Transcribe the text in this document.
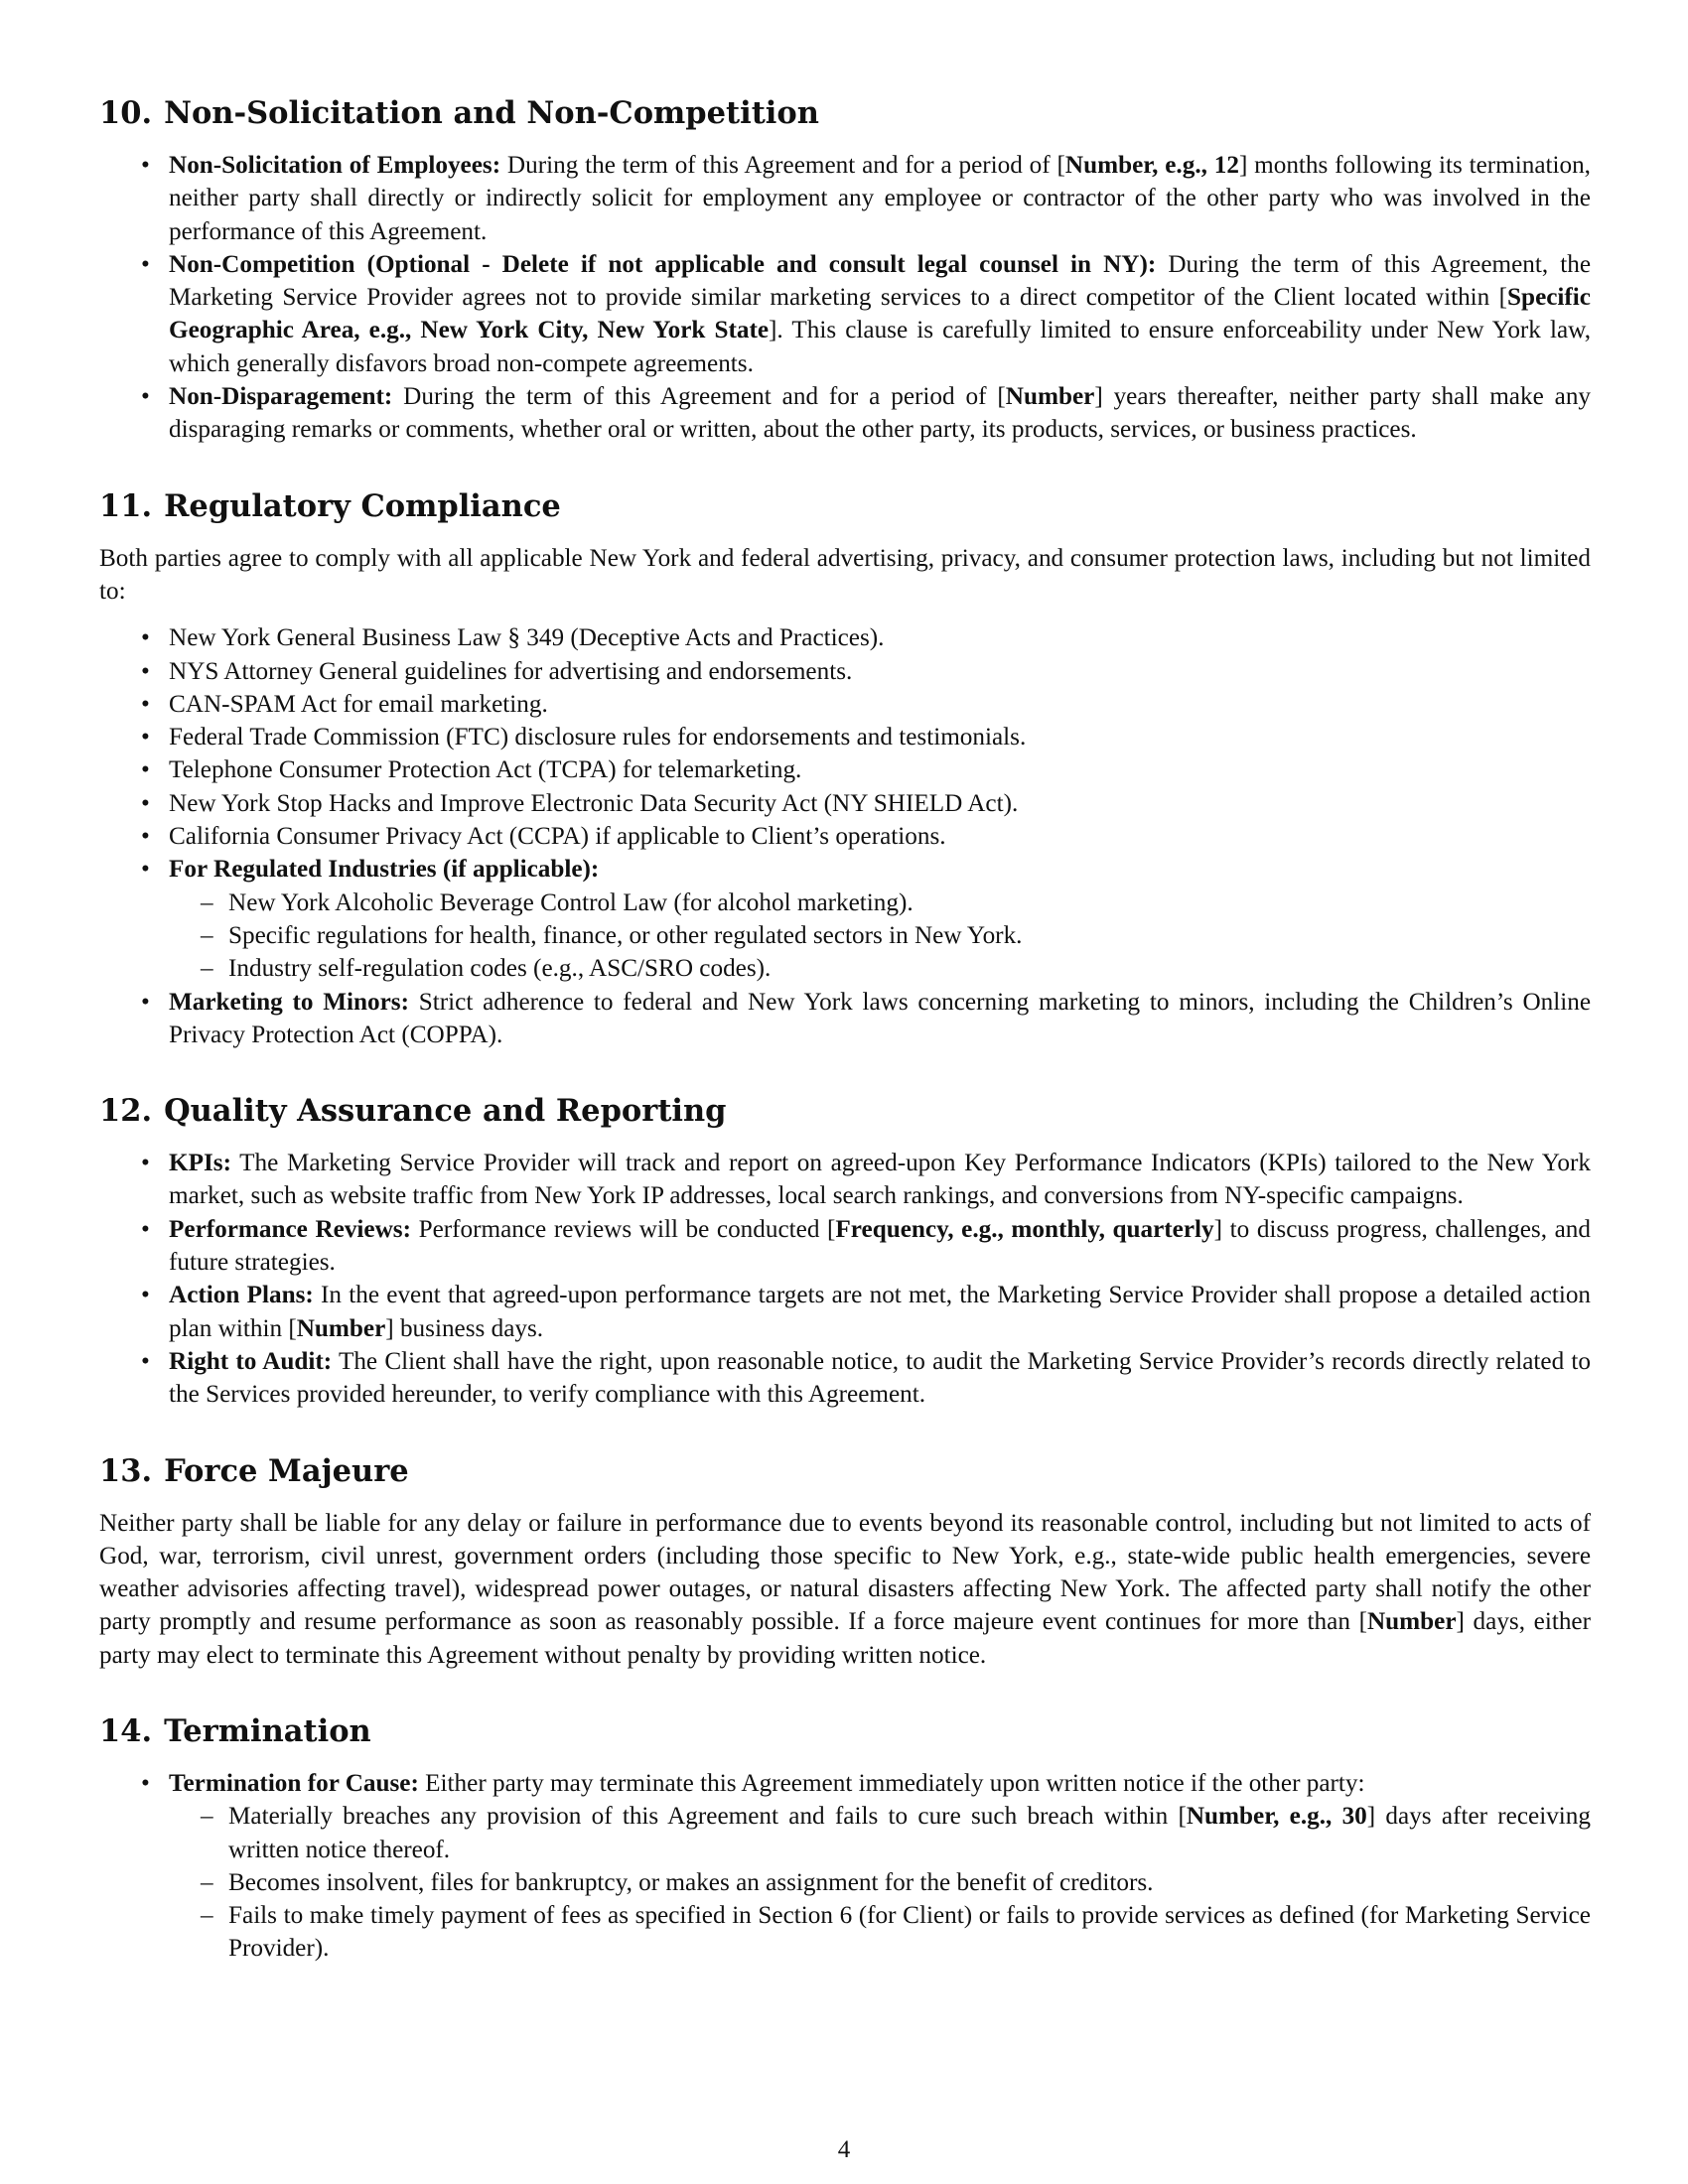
10. Non-Solicitation and Non-Competition
• Non-Solicitation of Employees: During the term of this Agreement and for a period of [Number, e.g., 12] months following its termination, neither party shall directly or indirectly solicit for employment any employee or contractor of the other party who was involved in the performance of this Agreement.
• Non-Competition (Optional - Delete if not applicable and consult legal counsel in NY): During the term of this Agreement, the Marketing Service Provider agrees not to provide similar marketing services to a direct competitor of the Client located within [Specific Geographic Area, e.g., New York City, New York State]. This clause is carefully limited to ensure enforceability under New York law, which generally disfavors broad non-compete agreements.
• Non-Disparagement: During the term of this Agreement and for a period of [Number] years thereafter, neither party shall make any disparaging remarks or comments, whether oral or written, about the other party, its products, services, or business practices.
11. Regulatory Compliance

Both parties agree to comply with all applicable New York and federal advertising, privacy, and consumer protection laws, including but not limited to:

• New York General Business Law § 349 (Deceptive Acts and Practices).
• NYS Attorney General guidelines for advertising and endorsements.
• CAN-SPAM Act for email marketing.
• Federal Trade Commission (FTC) disclosure rules for endorsements and testimonials.
• Telephone Consumer Protection Act (TCPA) for telemarketing.
• New York Stop Hacks and Improve Electronic Data Security Act (NY SHIELD Act).
• California Consumer Privacy Act (CCPA) if applicable to Client’s operations.
• For Regulated Industries (if applicable):
– New York Alcoholic Beverage Control Law (for alcohol marketing).
– Specific regulations for health, finance, or other regulated sectors in New York.
– Industry self-regulation codes (e.g., ASC/SRO codes).
• Marketing to Minors: Strict adherence to federal and New York laws concerning marketing to minors, including the Children’s Online Privacy Protection Act (COPPA).
12. Quality Assurance and Reporting
• KPIs: The Marketing Service Provider will track and report on agreed-upon Key Performance Indicators (KPIs) tailored to the New York market, such as website traffic from New York IP addresses, local search rankings, and conversions from NY-specific campaigns.
• Performance Reviews: Performance reviews will be conducted [Frequency, e.g., monthly, quarterly] to discuss progress, challenges, and future strategies.
• Action Plans: In the event that agreed-upon performance targets are not met, the Marketing Service Provider shall propose a detailed action plan within [Number] business days.
• Right to Audit: The Client shall have the right, upon reasonable notice, to audit the Marketing Service Provider’s records directly related to the Services provided hereunder, to verify compliance with this Agreement.
13. Force Majeure

Neither party shall be liable for any delay or failure in performance due to events beyond its reasonable control, including but not limited to acts of God, war, terrorism, civil unrest, government orders (including those specific to New York, e.g., state-wide public health emergencies, severe weather advisories affecting travel), widespread power outages, or natural disasters affecting New York. The affected party shall notify the other party promptly and resume performance as soon as reasonably possible. If a force majeure event continues for more than [Number] days, either party may elect to terminate this Agreement without penalty by providing written notice.

14. Termination
• Termination for Cause: Either party may terminate this Agreement immediately upon written notice if the other party:
– Materially breaches any provision of this Agreement and fails to cure such breach within [Number, e.g., 30] days after receiving written notice thereof.
– Becomes insolvent, files for bankruptcy, or makes an assignment for the benefit of creditors.
– Fails to make timely payment of fees as specified in Section 6 (for Client) or fails to provide services as defined (for Marketing Service Provider).
4
